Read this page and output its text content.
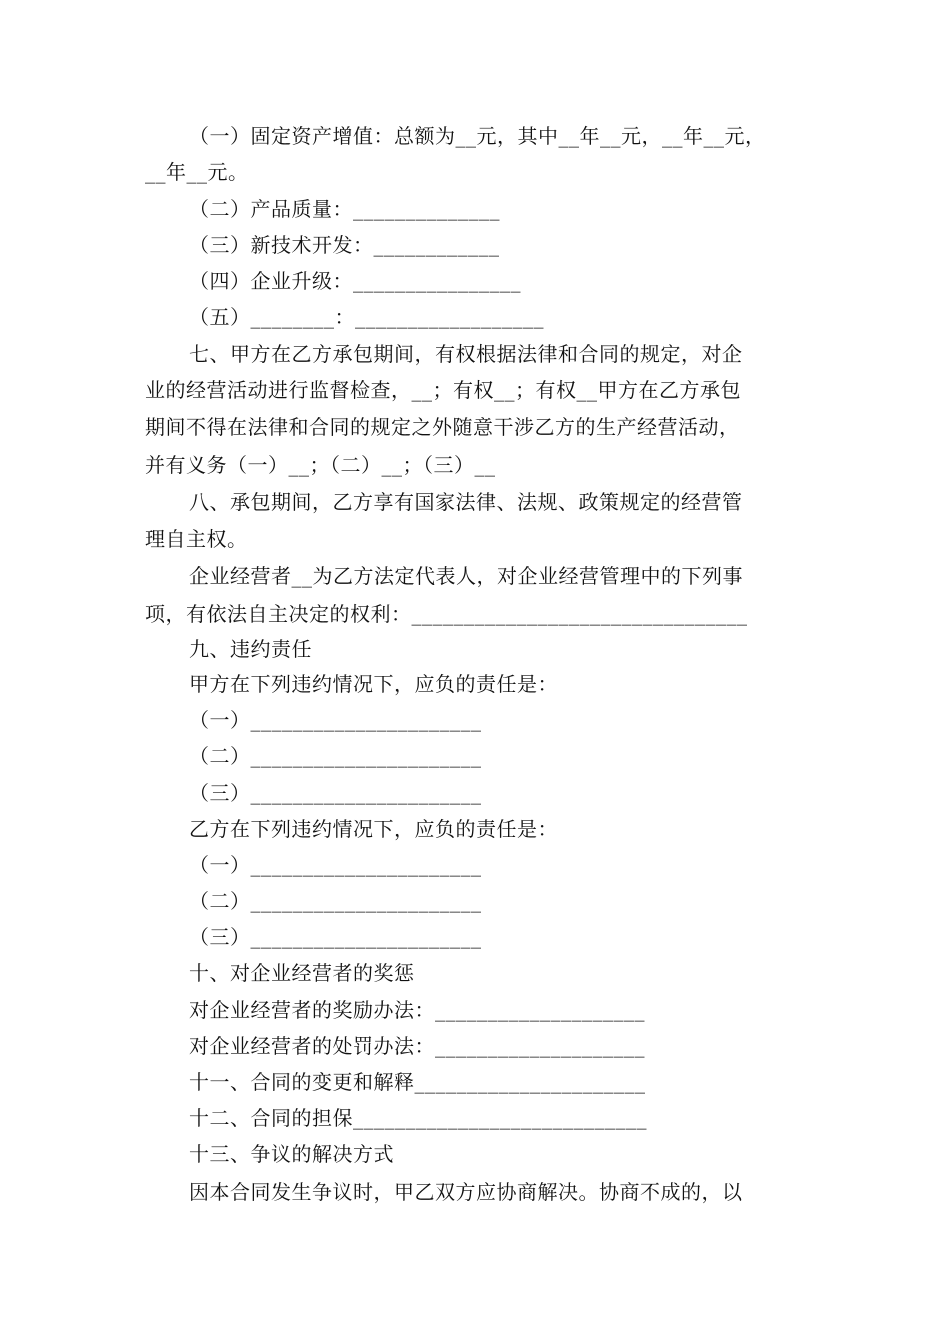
（一）固定资产增值：总额为__元，其中__年__元，__年__元，
__年__元。
（二）产品质量：______________
（三）新技术开发：____________
（四）企业升级：________________
（五）________：__________________
七、甲方在乙方承包期间，有权根据法律和合同的规定，对企
业的经营活动进行监督检查，__；有权__；有权__甲方在乙方承包
期间不得在法律和合同的规定之外随意干涉乙方的生产经营活动，
并有义务（一）__；（二）__；（三）__
八、承包期间，乙方享有国家法律、法规、政策规定的经营管
理自主权。
企业经营者__为乙方法定代表人，对企业经营管理中的下列事
项，有依法自主决定的权利：________________________________
九、违约责任
甲方在下列违约情况下，应负的责任是：
（一）______________________
（二）______________________
（三）______________________
乙方在下列违约情况下，应负的责任是：
（一）______________________
（二）______________________
（三）______________________
十、对企业经营者的奖惩
对企业经营者的奖励办法：____________________
对企业经营者的处罚办法：____________________
十一、合同的变更和解释______________________
十二、合同的担保____________________________
十三、争议的解决方式
因本合同发生争议时，甲乙双方应协商解决。协商不成的，以
